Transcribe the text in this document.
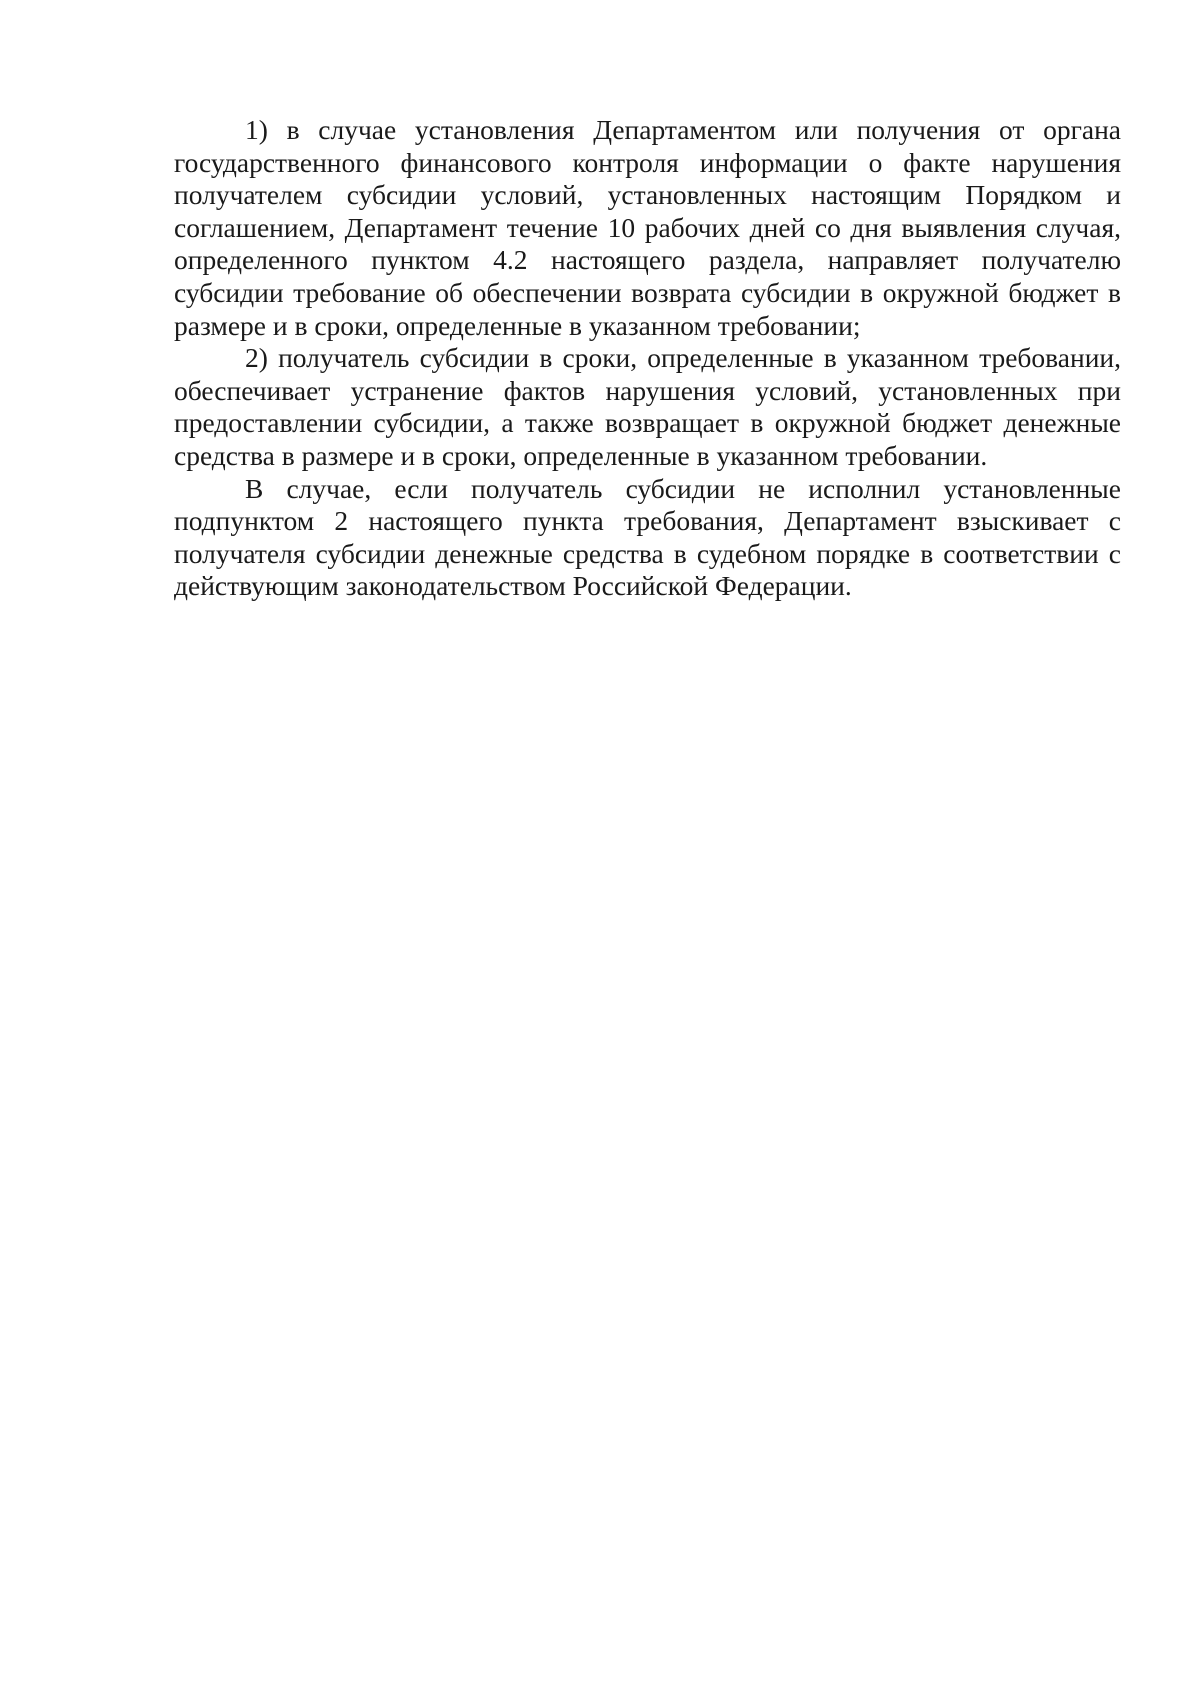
1) в случае установления Департаментом или получения от органа государственного финансового контроля информации о факте нарушения получателем субсидии условий, установленных настоящим Порядком и соглашением, Департамент течение 10 рабочих дней со дня выявления случая, определенного пунктом 4.2 настоящего раздела, направляет получателю субсидии требование об обеспечении возврата субсидии в окружной бюджет в размере и в сроки, определенные в указанном требовании;

2) получатель субсидии в сроки, определенные в указанном требовании, обеспечивает устранение фактов нарушения условий, установленных при предоставлении субсидии, а также возвращает в окружной бюджет денежные средства в размере и в сроки, определенные в указанном требовании.

В случае, если получатель субсидии не исполнил установленные подпунктом 2 настоящего пункта требования, Департамент взыскивает с получателя субсидии денежные средства в судебном порядке в соответствии с действующим законодательством Российской Федерации.
